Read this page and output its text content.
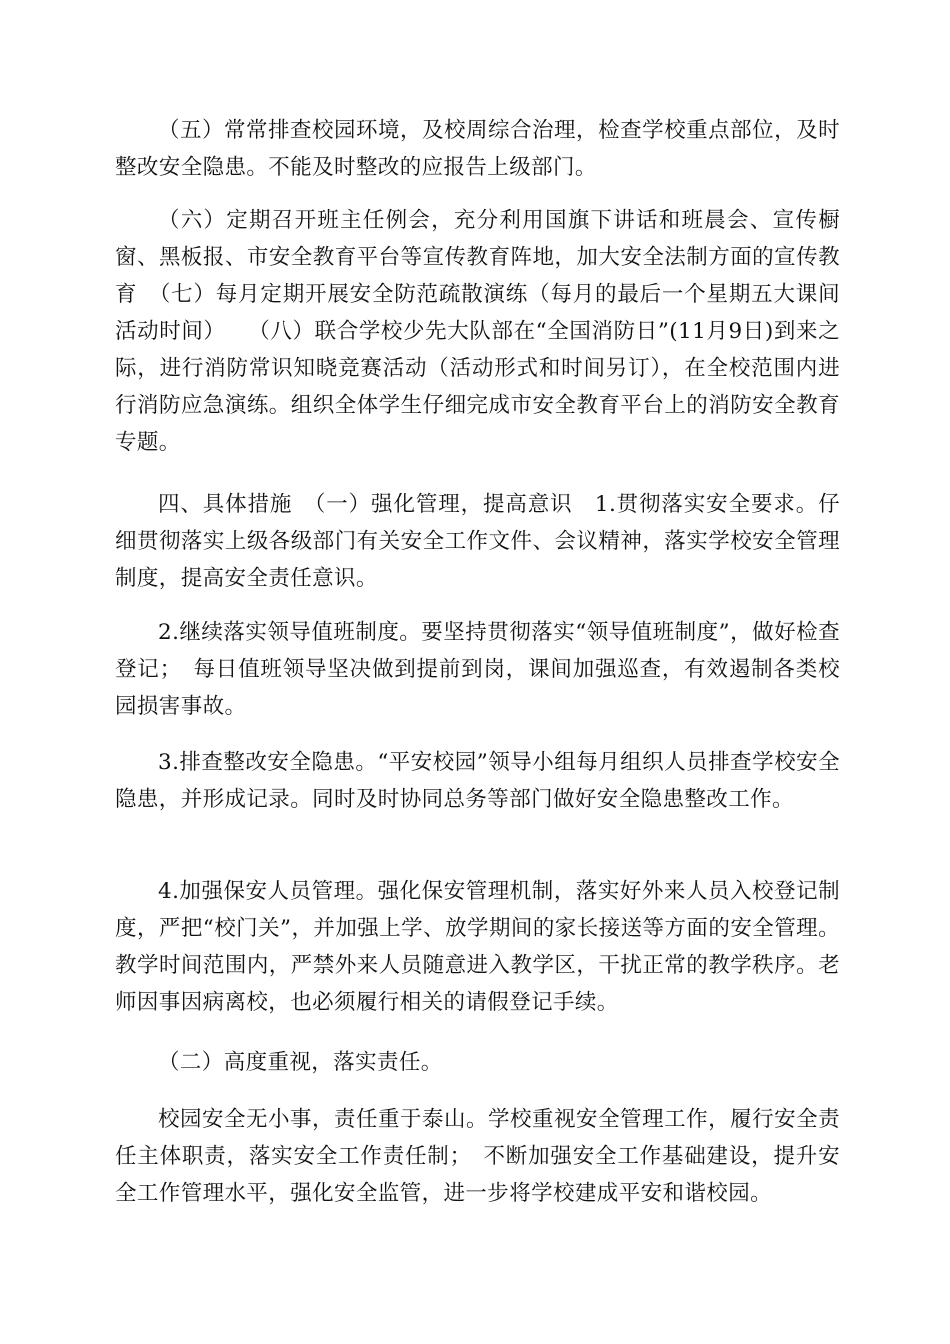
（五）常常排查校园环境，及校周综合治理，检查学校重点部位，及时整改安全隐患。不能及时整改的应报告上级部门。

（六）定期召开班主任例会，充分利用国旗下讲话和班晨会、宣传橱窗、黑板报、市安全教育平台等宣传教育阵地，加大安全法制方面的宣传教育　（七）每月定期开展安全防范疏散演练（每月的最后一个星期五大课间活动时间）　　（八）联合学校少先大队部在“全国消防日”(11月9日)到来之际，进行消防常识知晓竞赛活动（活动形式和时间另订），在全校范围内进行消防应急演练。组织全体学生仔细完成市安全教育平台上的消防安全教育专题。

四、具体措施　（一）强化管理，提高意识　1.贯彻落实安全要求。仔细贯彻落实上级各级部门有关安全工作文件、会议精神，落实学校安全管理制度，提高安全责任意识。

2.继续落实领导值班制度。要坚持贯彻落实“领导值班制度”，做好检查登记；　每日值班领导坚决做到提前到岗，课间加强巡查，有效遏制各类校园损害事故。

3.排查整改安全隐患。“平安校园”领导小组每月组织人员排查学校安全隐患，并形成记录。同时及时协同总务等部门做好安全隐患整改工作。

4.加强保安人员管理。强化保安管理机制，落实好外来人员入校登记制度，严把“校门关”，并加强上学、放学期间的家长接送等方面的安全管理。教学时间范围内，严禁外来人员随意进入教学区，干扰正常的教学秩序。老师因事因病离校，也必须履行相关的请假登记手续。

（二）高度重视，落实责任。

校园安全无小事，责任重于泰山。学校重视安全管理工作，履行安全责任主体职责，落实安全工作责任制；　不断加强安全工作基础建设，提升安全工作管理水平，强化安全监管，进一步将学校建成平安和谐校园。
